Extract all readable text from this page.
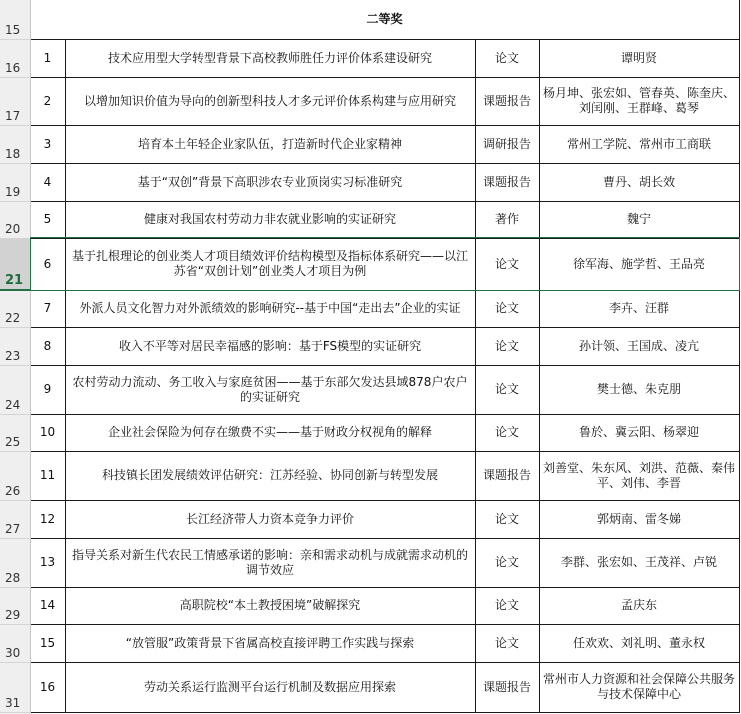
15	二等奖			
16	1	技术应用型大学转型背景下高校教师胜任力评价体系建设研究	论文	谭明贤
17	2	以增加知识价值为导向的创新型科技人才多元评价体系构建与应用研究	课题报告	杨月坤、张宏如、管春英、陈奎庆、刘闰刚、王群峰、葛琴
18	3	培育本土年轻企业家队伍，打造新时代企业家精神	调研报告	常州工学院、常州市工商联
19	4	基于“双创”背景下高职涉农专业顶岗实习标准研究	课题报告	曹丹、胡长效
20	5	健康对我国农村劳动力非农就业影响的实证研究	著作	魏宁
21	6	基于扎根理论的创业类人才项目绩效评价结构模型及指标体系研究——以江苏省“双创计划”创业类人才项目为例	论文	徐军海、施学哲、王品亮
22	7	外派人员文化智力对外派绩效的影响研究--基于中国“走出去”企业的实证	论文	李卉、汪群
23	8	收入不平等对居民幸福感的影响：基于FS模型的实证研究	论文	孙计领、王国成、凌亢
24	9	农村劳动力流动、务工收入与家庭贫困——基于东部欠发达县域878户农户的实证研究	论文	樊士德、朱克朋
25	10	企业社会保险为何存在缴费不实——基于财政分权视角的解释	论文	鲁於、冀云阳、杨翠迎
26	11	科技镇长团发展绩效评估研究：江苏经验、协同创新与转型发展	课题报告	刘善堂、朱东风、刘洪、范薇、秦伟平、刘伟、李晋
27	12	长江经济带人力资本竞争力评价	论文	郭炳南、雷冬娣
28	13	指导关系对新生代农民工情感承诺的影响：亲和需求动机与成就需求动机的调节效应	论文	李群、张宏如、王茂祥、卢锐
29	14	高职院校“本土教授困境”破解探究	论文	孟庆东
30	15	“放管服”政策背景下省属高校直接评聘工作实践与探索	论文	任欢欢、刘礼明、董永权
31	16	劳动关系运行监测平台运行机制及数据应用探索	课题报告	常州市人力资源和社会保障公共服务与技术保障中心
